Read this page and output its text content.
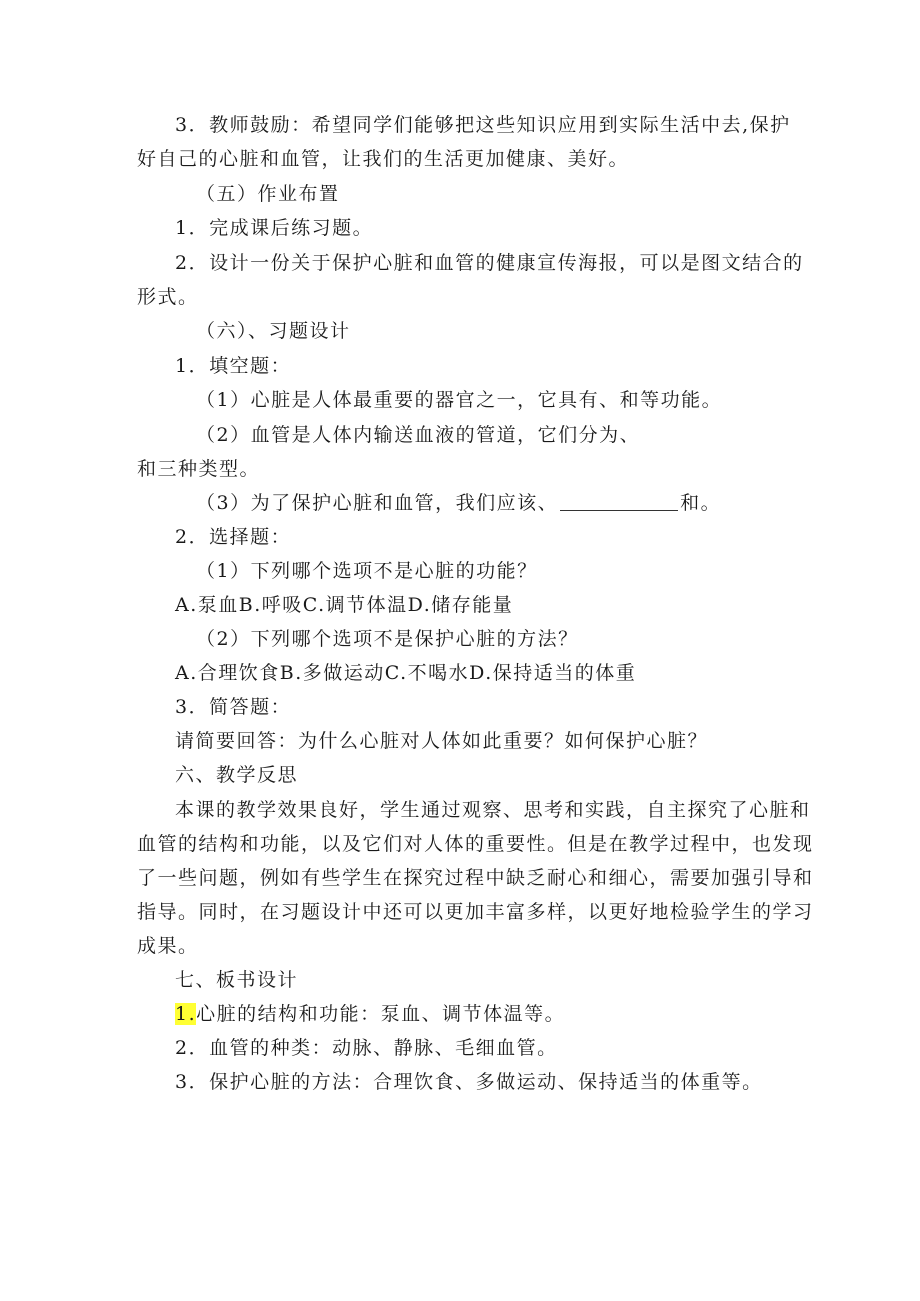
3．教师鼓励：希望同学们能够把这些知识应用到实际生活中去,保护
好自己的心脏和血管，让我们的生活更加健康、美好。
（五）作业布置
1．完成课后练习题。
2．设计一份关于保护心脏和血管的健康宣传海报，可以是图文结合的
形式。
（六）、习题设计
1．填空题：
（1）心脏是人体最重要的器官之一，它具有、和等功能。
（2）血管是人体内输送血液的管道，它们分为、
和三种类型。
（3）为了保护心脏和血管，我们应该、	和。
2．选择题：
（1）下列哪个选项不是心脏的功能？
A.泵血B.呼吸C.调节体温D.储存能量
（2）下列哪个选项不是保护心脏的方法？
A.合理饮食B.多做运动C.不喝水D.保持适当的体重
3．简答题：
请简要回答：为什么心脏对人体如此重要？如何保护心脏？
六、教学反思
本课的教学效果良好，学生通过观察、思考和实践，自主探究了心脏和
血管的结构和功能，以及它们对人体的重要性。但是在教学过程中，也发现
了一些问题，例如有些学生在探究过程中缺乏耐心和细心，需要加强引导和
指导。同时，在习题设计中还可以更加丰富多样，以更好地检验学生的学习
成果。
七、板书设计
1.心脏的结构和功能：泵血、调节体温等。
2．血管的种类：动脉、静脉、毛细血管。
3．保护心脏的方法：合理饮食、多做运动、保持适当的体重等。
